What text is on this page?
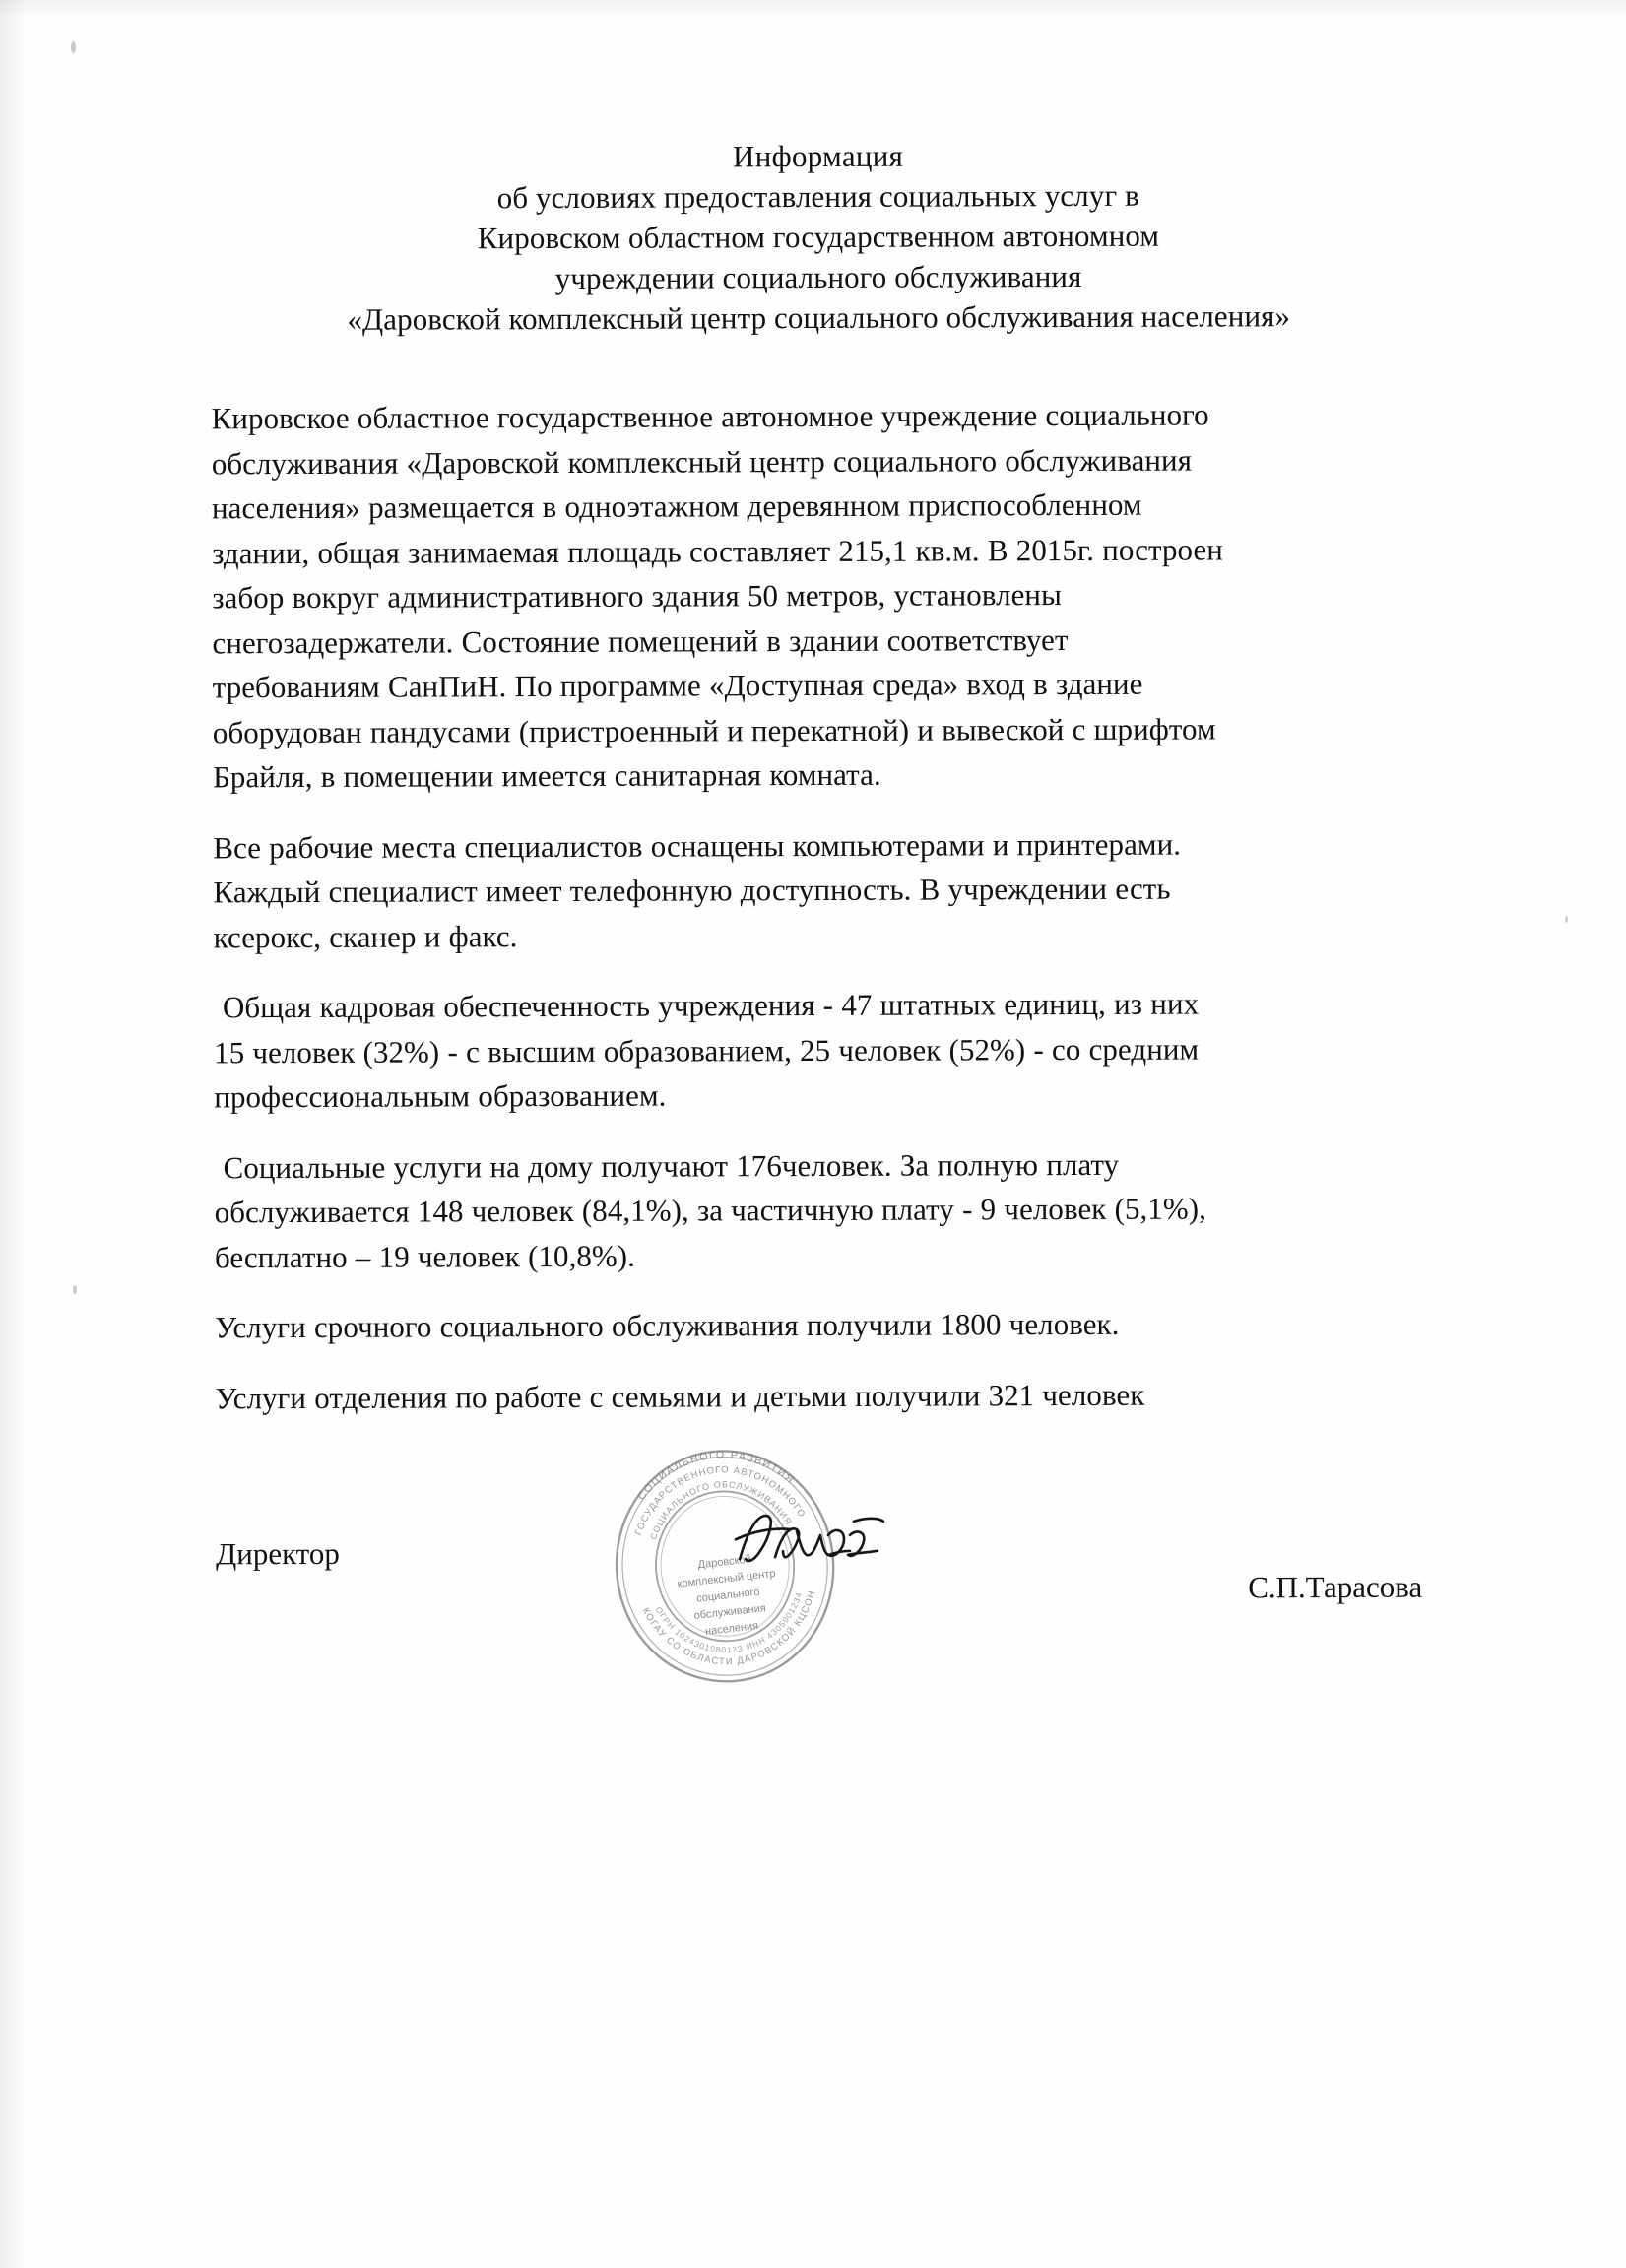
Информация
об условиях предоставления социальных услуг в
Кировском областном государственном автономном
учреждении социального обслуживания
«Даровской комплексный центр социального обслуживания населения»

Кировское областное государственное автономное учреждение социального
обслуживания «Даровской комплексный центр социального обслуживания
населения» размещается в одноэтажном деревянном приспособленном
здании, общая занимаемая площадь составляет 215,1 кв.м. В 2015г. построен
забор вокруг административного здания 50 метров, установлены
снегозадержатели. Состояние помещений в здании соответствует
требованиям СанПиН. По программе «Доступная среда» вход в здание
оборудован пандусами (пристроенный и перекатной) и вывеской с шрифтом
Брайля, в помещении имеется санитарная комната.

Все рабочие места специалистов оснащены компьютерами и принтерами.
Каждый специалист имеет телефонную доступность. В учреждении есть
ксерокс, сканер и факс.

Общая кадровая обеспеченность учреждения - 47 штатных единиц, из них
15 человек (32%) - с высшим образованием, 25 человек (52%) - со средним
профессиональным образованием.

Социальные услуги на дому получают 176человек. За полную плату
обслуживается 148 человек (84,1%), за частичную плату - 9 человек (5,1%),
бесплатно – 19 человек (10,8%).

Услуги срочного социального обслуживания получили 1800 человек.

Услуги отделения по работе с семьями и детьми получили 321 человек

Директор
С.П.Тарасова
СОЦИАЛЬНОГО РАЗВИТИЯ
ГОСУДАРСТВЕННОГО АВТОНОМНОГО
СОЦИАЛЬНОГО ОБСЛУЖИВАНИЯ
КОГАУ СО ОБЛАСТИ ДАРОВСКОЙ КЦСОН
ОГРН 1024301080123 ИНН 4305001234
Даровской
комплексный центр
социального
обслуживания
населения
